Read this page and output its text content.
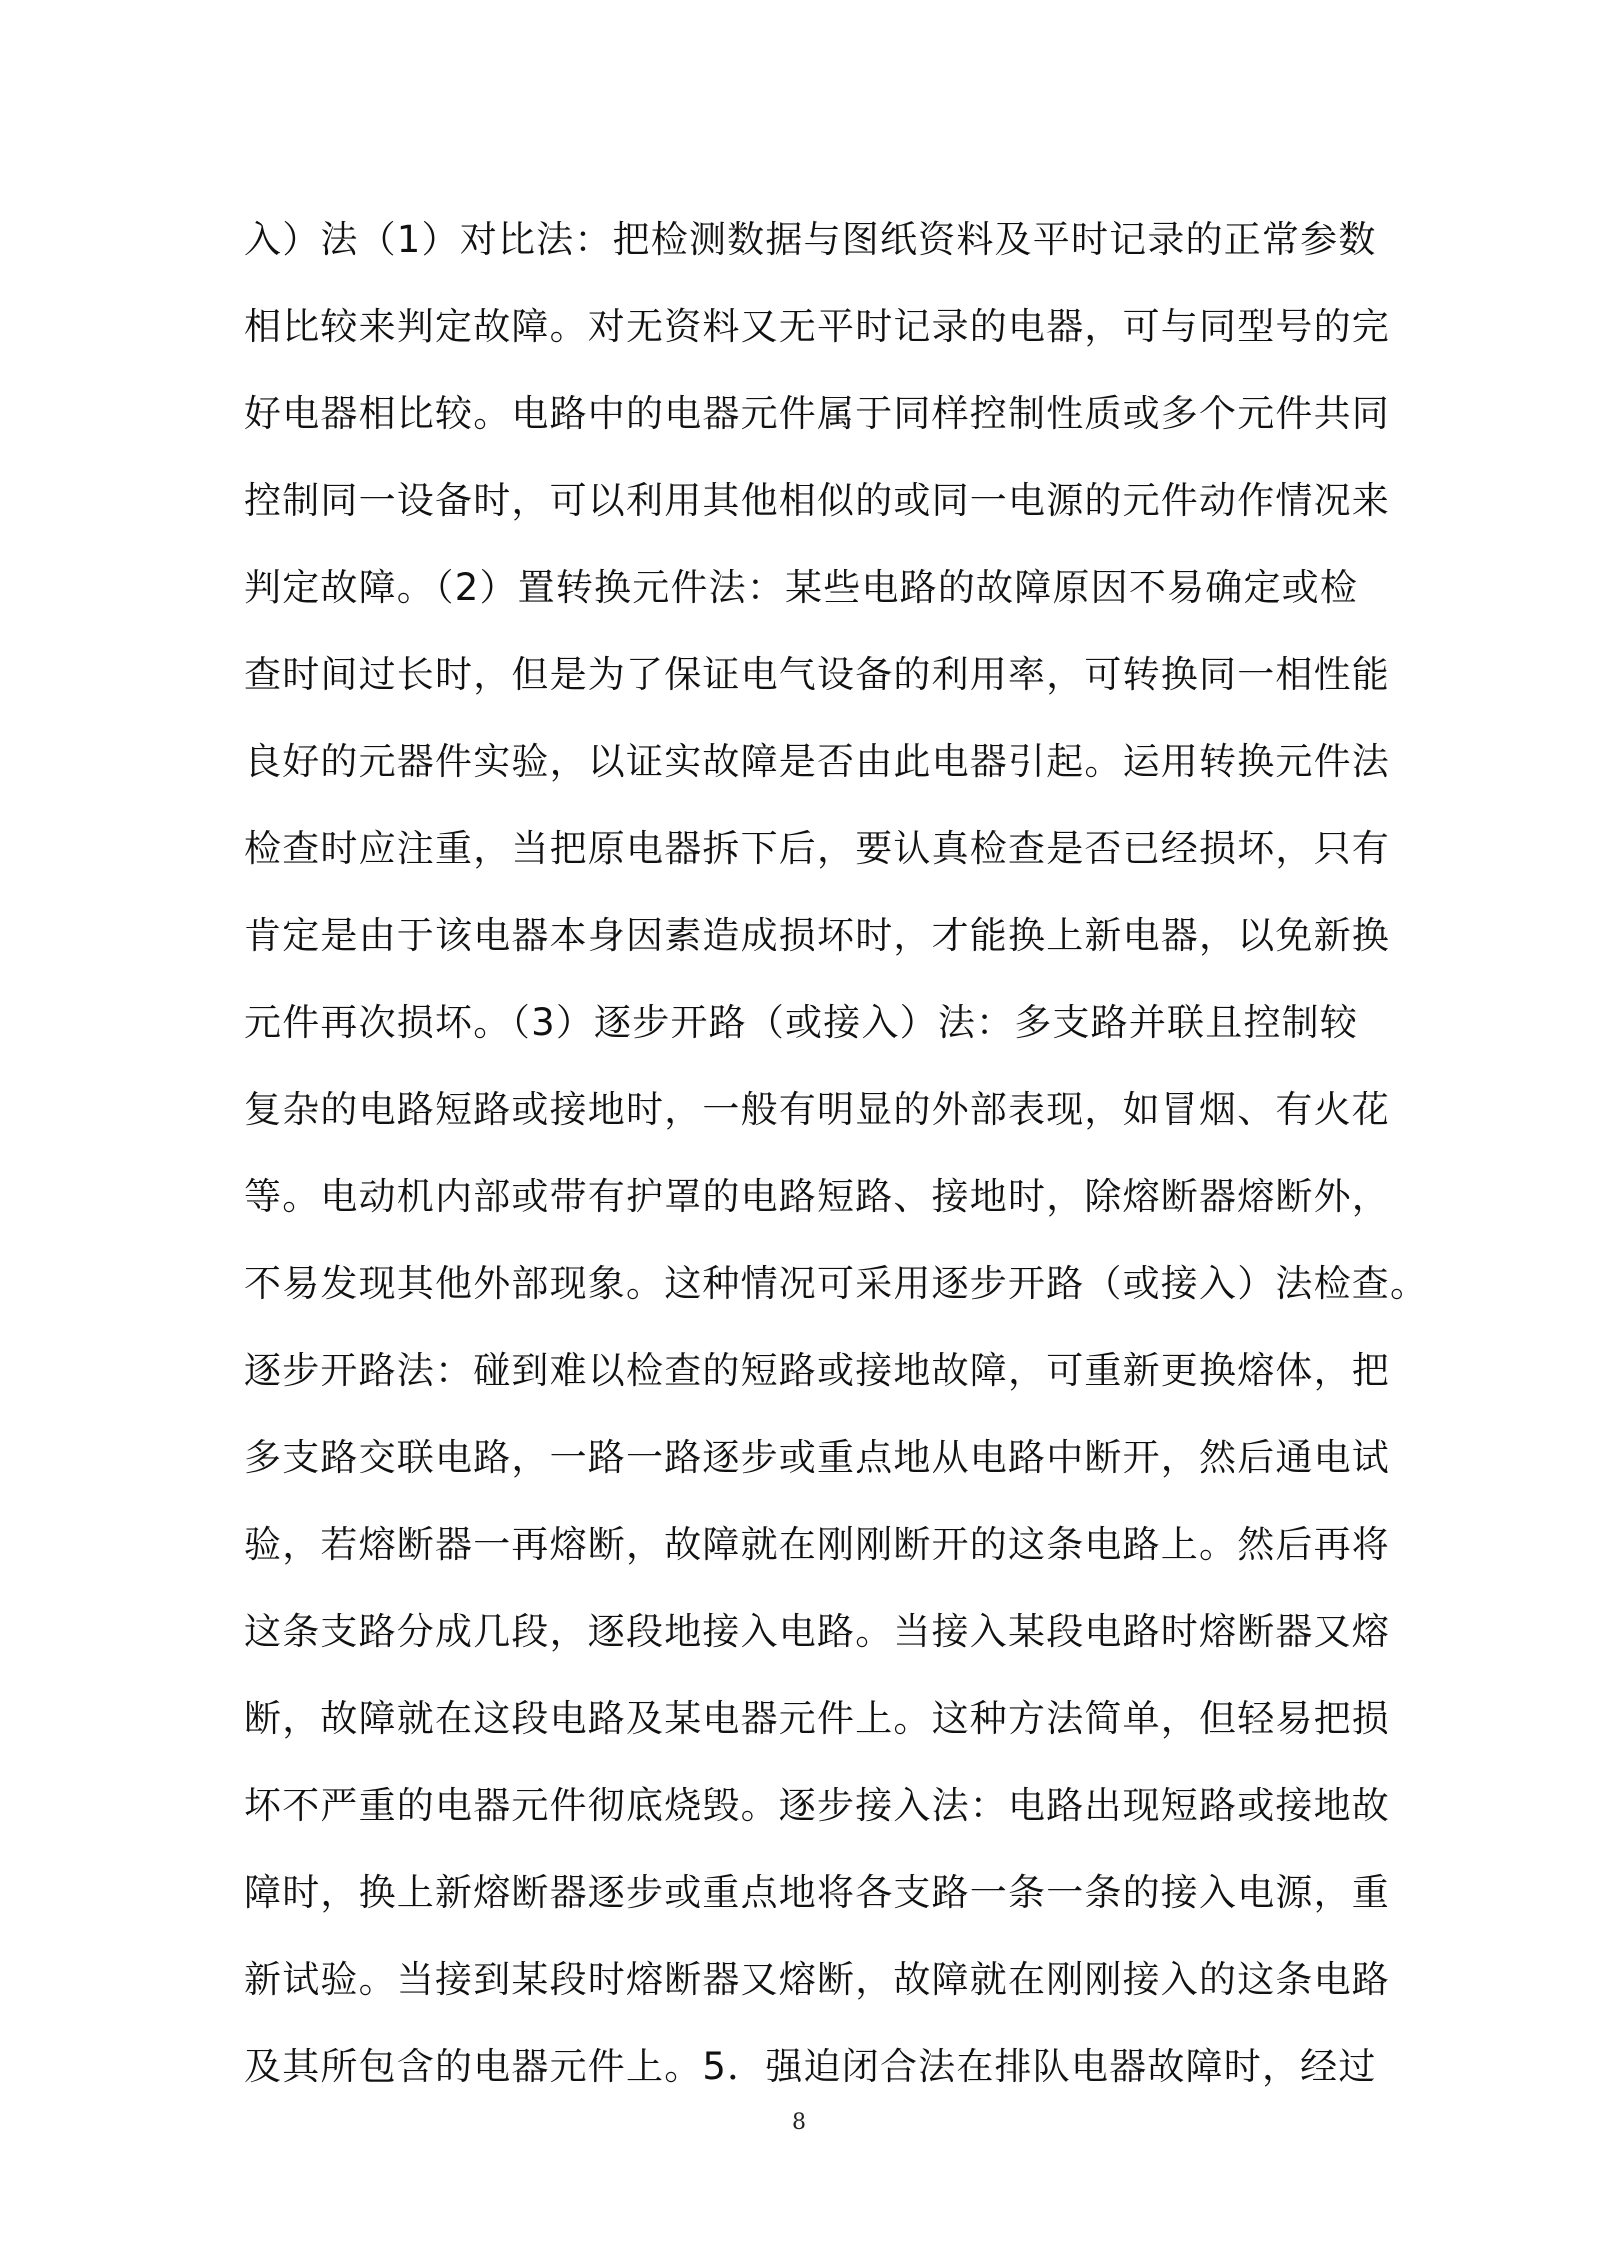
入）法（1）对比法：把检测数据与图纸资料及平时记录的正常参数
相比较来判定故障。对无资料又无平时记录的电器，可与同型号的完
好电器相比较。电路中的电器元件属于同样控制性质或多个元件共同
控制同一设备时，可以利用其他相似的或同一电源的元件动作情况来
判定故障。（2）置转换元件法：某些电路的故障原因不易确定或检
查时间过长时，但是为了保证电气设备的利用率，可转换同一相性能
良好的元器件实验，以证实故障是否由此电器引起。运用转换元件法
检查时应注重，当把原电器拆下后，要认真检查是否已经损坏，只有
肯定是由于该电器本身因素造成损坏时，才能换上新电器，以免新换
元件再次损坏。（3）逐步开路（或接入）法：多支路并联且控制较
复杂的电路短路或接地时，一般有明显的外部表现，如冒烟、有火花
等。电动机内部或带有护罩的电路短路、接地时，除熔断器熔断外，
不易发现其他外部现象。这种情况可采用逐步开路（或接入）法检查。
逐步开路法：碰到难以检查的短路或接地故障，可重新更换熔体，把
多支路交联电路，一路一路逐步或重点地从电路中断开，然后通电试
验，若熔断器一再熔断，故障就在刚刚断开的这条电路上。然后再将
这条支路分成几段，逐段地接入电路。当接入某段电路时熔断器又熔
断，故障就在这段电路及某电器元件上。这种方法简单，但轻易把损
坏不严重的电器元件彻底烧毁。逐步接入法：电路出现短路或接地故
障时，换上新熔断器逐步或重点地将各支路一条一条的接入电源，重
新试验。当接到某段时熔断器又熔断，故障就在刚刚接入的这条电路
及其所包含的电器元件上。5．强迫闭合法在排队电器故障时，经过
8
